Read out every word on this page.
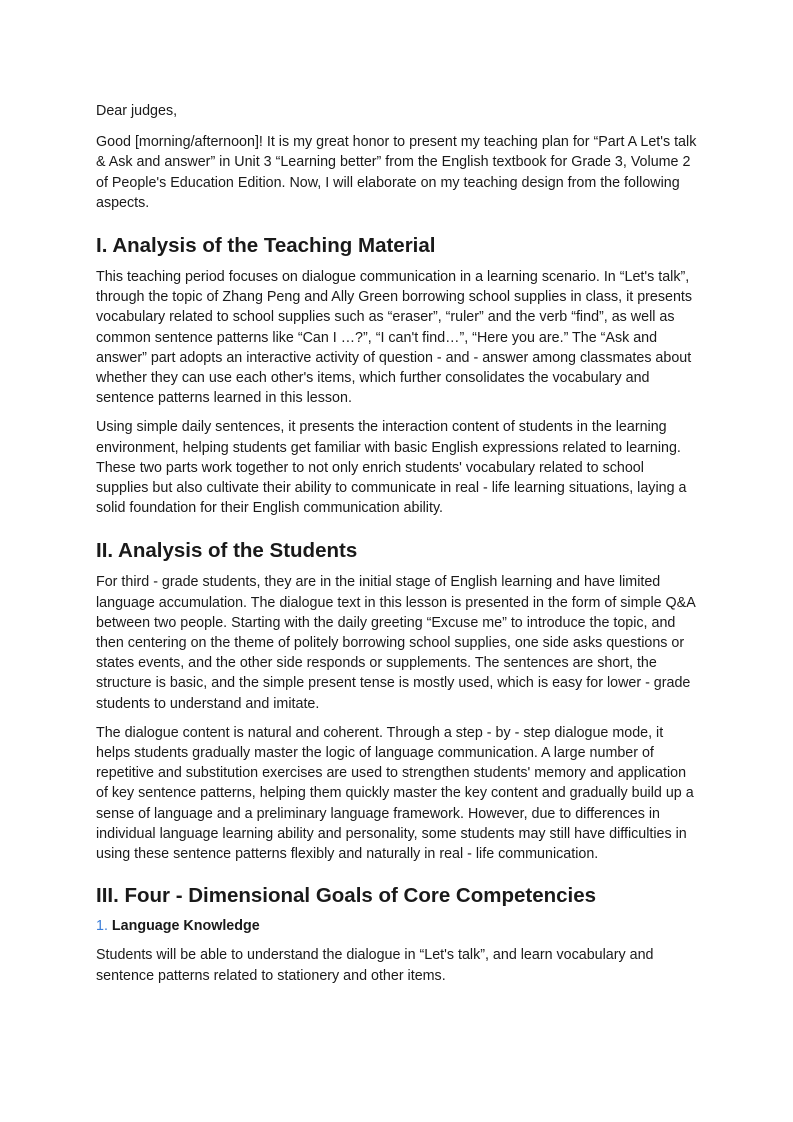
Dear judges,

Good [morning/afternoon]! It is my great honor to present my teaching plan for “Part A Let's talk & Ask and answer” in Unit 3 “Learning better” from the English textbook for Grade 3, Volume 2 of People's Education Edition. Now, I will elaborate on my teaching design from the following aspects.

I. Analysis of the Teaching Material

This teaching period focuses on dialogue communication in a learning scenario. In “Let's talk”, through the topic of Zhang Peng and Ally Green borrowing school supplies in class, it presents vocabulary related to school supplies such as “eraser”, “ruler” and the verb “find”, as well as common sentence patterns like “Can I …?”, “I can't find…”, “Here you are.” The “Ask and answer” part adopts an interactive activity of question - and - answer among classmates about whether they can use each other's items, which further consolidates the vocabulary and sentence patterns learned in this lesson.

Using simple daily sentences, it presents the interaction content of students in the learning environment, helping students get familiar with basic English expressions related to learning. These two parts work together to not only enrich students' vocabulary related to school supplies but also cultivate their ability to communicate in real - life learning situations, laying a solid foundation for their English communication ability.

II. Analysis of the Students

For third - grade students, they are in the initial stage of English learning and have limited language accumulation. The dialogue text in this lesson is presented in the form of simple Q&A between two people. Starting with the daily greeting “Excuse me” to introduce the topic, and then centering on the theme of politely borrowing school supplies, one side asks questions or states events, and the other side responds or supplements. The sentences are short, the structure is basic, and the simple present tense is mostly used, which is easy for lower - grade students to understand and imitate.

The dialogue content is natural and coherent. Through a step - by - step dialogue mode, it helps students gradually master the logic of language communication. A large number of repetitive and substitution exercises are used to strengthen students' memory and application of key sentence patterns, helping them quickly master the key content and gradually build up a sense of language and a preliminary language framework. However, due to differences in individual language learning ability and personality, some students may still have difficulties in using these sentence patterns flexibly and naturally in real - life communication.

III. Four - Dimensional Goals of Core Competencies
1. Language Knowledge

Students will be able to understand the dialogue in “Let's talk”, and learn vocabulary and sentence patterns related to stationery and other items.
